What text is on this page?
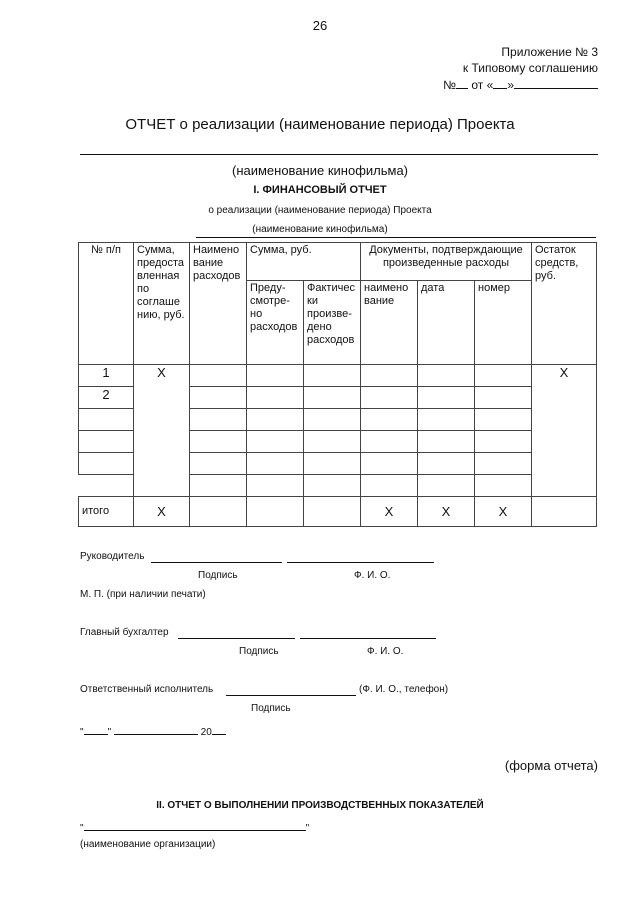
26
Приложение № 3
к Типовому соглашению
№ от « »
ОТЧЕТ о реализации (наименование периода) Проекта
(наименование кинофильма)
I. ФИНАНСОВЫЙ ОТЧЕТ
о реализации (наименование периода) Проекта
(наименование кинофильма)
№ п/п	Сумма, предоста вленная по соглаше нию, руб.	Наимено вание расходов	Сумма, руб.		Документы, подтверждающие произведенные расходы			Остаток средств, руб.
			Преду-смотре-но расходов	Фактичес ки произве-дено расходов	наимено вание	дата	номер	
1	Х							Х
2								

итого	Х				Х	Х	Х	
Руководитель
Подпись	Ф. И. О.
М. П. (при наличии печати)
Главный бухгалтер
Подпись	Ф. И. О.
Ответственный исполнитель	(Ф. И. О., телефон)
Подпись
" "	20
(форма отчета)
II. ОТЧЕТ О ВЫПОЛНЕНИИ ПРОИЗВОДСТВЕННЫХ ПОКАЗАТЕЛЕЙ
"	"
(наименование организации)
